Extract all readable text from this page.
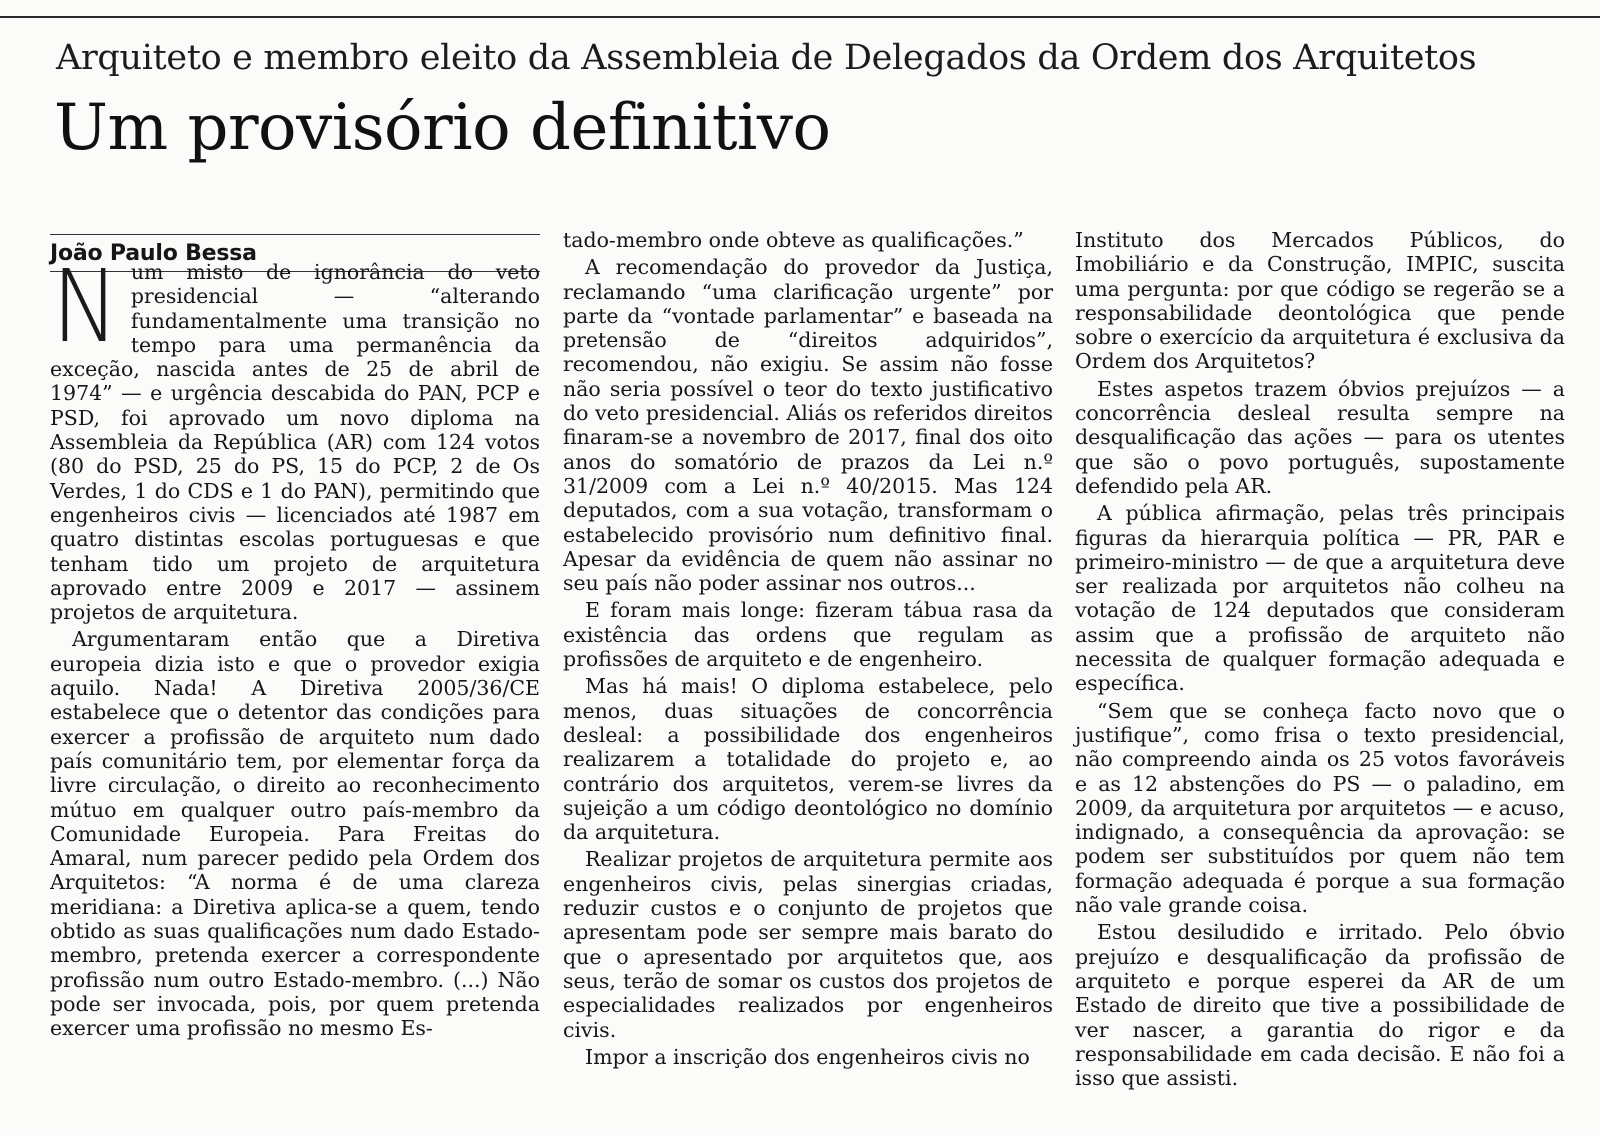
Arquiteto e membro eleito da Assembleia de Delegados da Ordem dos Arquitetos
Um provisório definitivo
João Paulo Bessa

Num misto de ignorância do veto presidencial — “alterando fundamentalmente uma transição no tempo para uma permanência da exceção, nascida antes de 25 de abril de 1974” — e urgência descabida do PAN, PCP e PSD, foi aprovado um novo diploma na Assembleia da República (AR) com 124 votos (80 do PSD, 25 do PS, 15 do PCP, 2 de Os Verdes, 1 do CDS e 1 do PAN), permitindo que engenheiros civis — licenciados até 1987 em quatro distintas escolas portuguesas e que tenham tido um projeto de arquitetura aprovado entre 2009 e 2017 — assinem projetos de arquitetura.

Argumentaram então que a Diretiva europeia dizia isto e que o provedor exigia aquilo. Nada! A Diretiva 2005/36/CE estabelece que o detentor das condições para exercer a profissão de arquiteto num dado país comunitário tem, por elementar força da livre circulação, o direito ao reconhecimento mútuo em qualquer outro país-membro da Comunidade Europeia. Para Freitas do Amaral, num parecer pedido pela Ordem dos Arquitetos: “A norma é de uma clareza meridiana: a Diretiva aplica-se a quem, tendo obtido as suas qualificações num dado Estado-membro, pretenda exercer a correspondente profissão num outro Estado-membro. (...) Não pode ser invocada, pois, por quem pretenda exercer uma profissão no mesmo Es-

tado-membro onde obteve as qualificações.”

A recomendação do provedor da Justiça, reclamando “uma clarificação urgente” por parte da “vontade parlamentar” e baseada na pretensão de “direitos adquiridos”, recomendou, não exigiu. Se assim não fosse não seria possível o teor do texto justificativo do veto presidencial. Aliás os referidos direitos finaram-se a novembro de 2017, final dos oito anos do somatório de prazos da Lei n.º 31/2009 com a Lei n.º 40/2015. Mas 124 deputados, com a sua votação, transformam o estabelecido provisório num definitivo final. Apesar da evidência de quem não assinar no seu país não poder assinar nos outros...

E foram mais longe: fizeram tábua rasa da existência das ordens que regulam as profissões de arquiteto e de engenheiro.

Mas há mais! O diploma estabelece, pelo menos, duas situações de concorrência desleal: a possibilidade dos engenheiros realizarem a totalidade do projeto e, ao contrário dos arquitetos, verem-se livres da sujeição a um código deontológico no domínio da arquitetura.

Realizar projetos de arquitetura permite aos engenheiros civis, pelas sinergias criadas, reduzir custos e o conjunto de projetos que apresentam pode ser sempre mais barato do que o apresentado por arquitetos que, aos seus, terão de somar os custos dos projetos de especialidades realizados por engenheiros civis.

Impor a inscrição dos engenheiros civis no

Instituto dos Mercados Públicos, do Imobiliário e da Construção, IMPIC, suscita uma pergunta: por que código se regerão se a responsabilidade deontológica que pende sobre o exercício da arquitetura é exclusiva da Ordem dos Arquitetos?

Estes aspetos trazem óbvios prejuízos — a concorrência desleal resulta sempre na desqualificação das ações — para os utentes que são o povo português, supostamente defendido pela AR.

A pública afirmação, pelas três principais figuras da hierarquia política — PR, PAR e primeiro-ministro — de que a arquitetura deve ser realizada por arquitetos não colheu na votação de 124 deputados que consideram assim que a profissão de arquiteto não necessita de qualquer formação adequada e específica.

“Sem que se conheça facto novo que o justifique”, como frisa o texto presidencial, não compreendo ainda os 25 votos favoráveis e as 12 abstenções do PS — o paladino, em 2009, da arquitetura por arquitetos — e acuso, indignado, a consequência da aprovação: se podem ser substituídos por quem não tem formação adequada é porque a sua formação não vale grande coisa.

Estou desiludido e irritado. Pelo óbvio prejuízo e desqualificação da profissão de arquiteto e porque esperei da AR de um Estado de direito que tive a possibilidade de ver nascer, a garantia do rigor e da responsabilidade em cada decisão. E não foi a isso que assisti.
